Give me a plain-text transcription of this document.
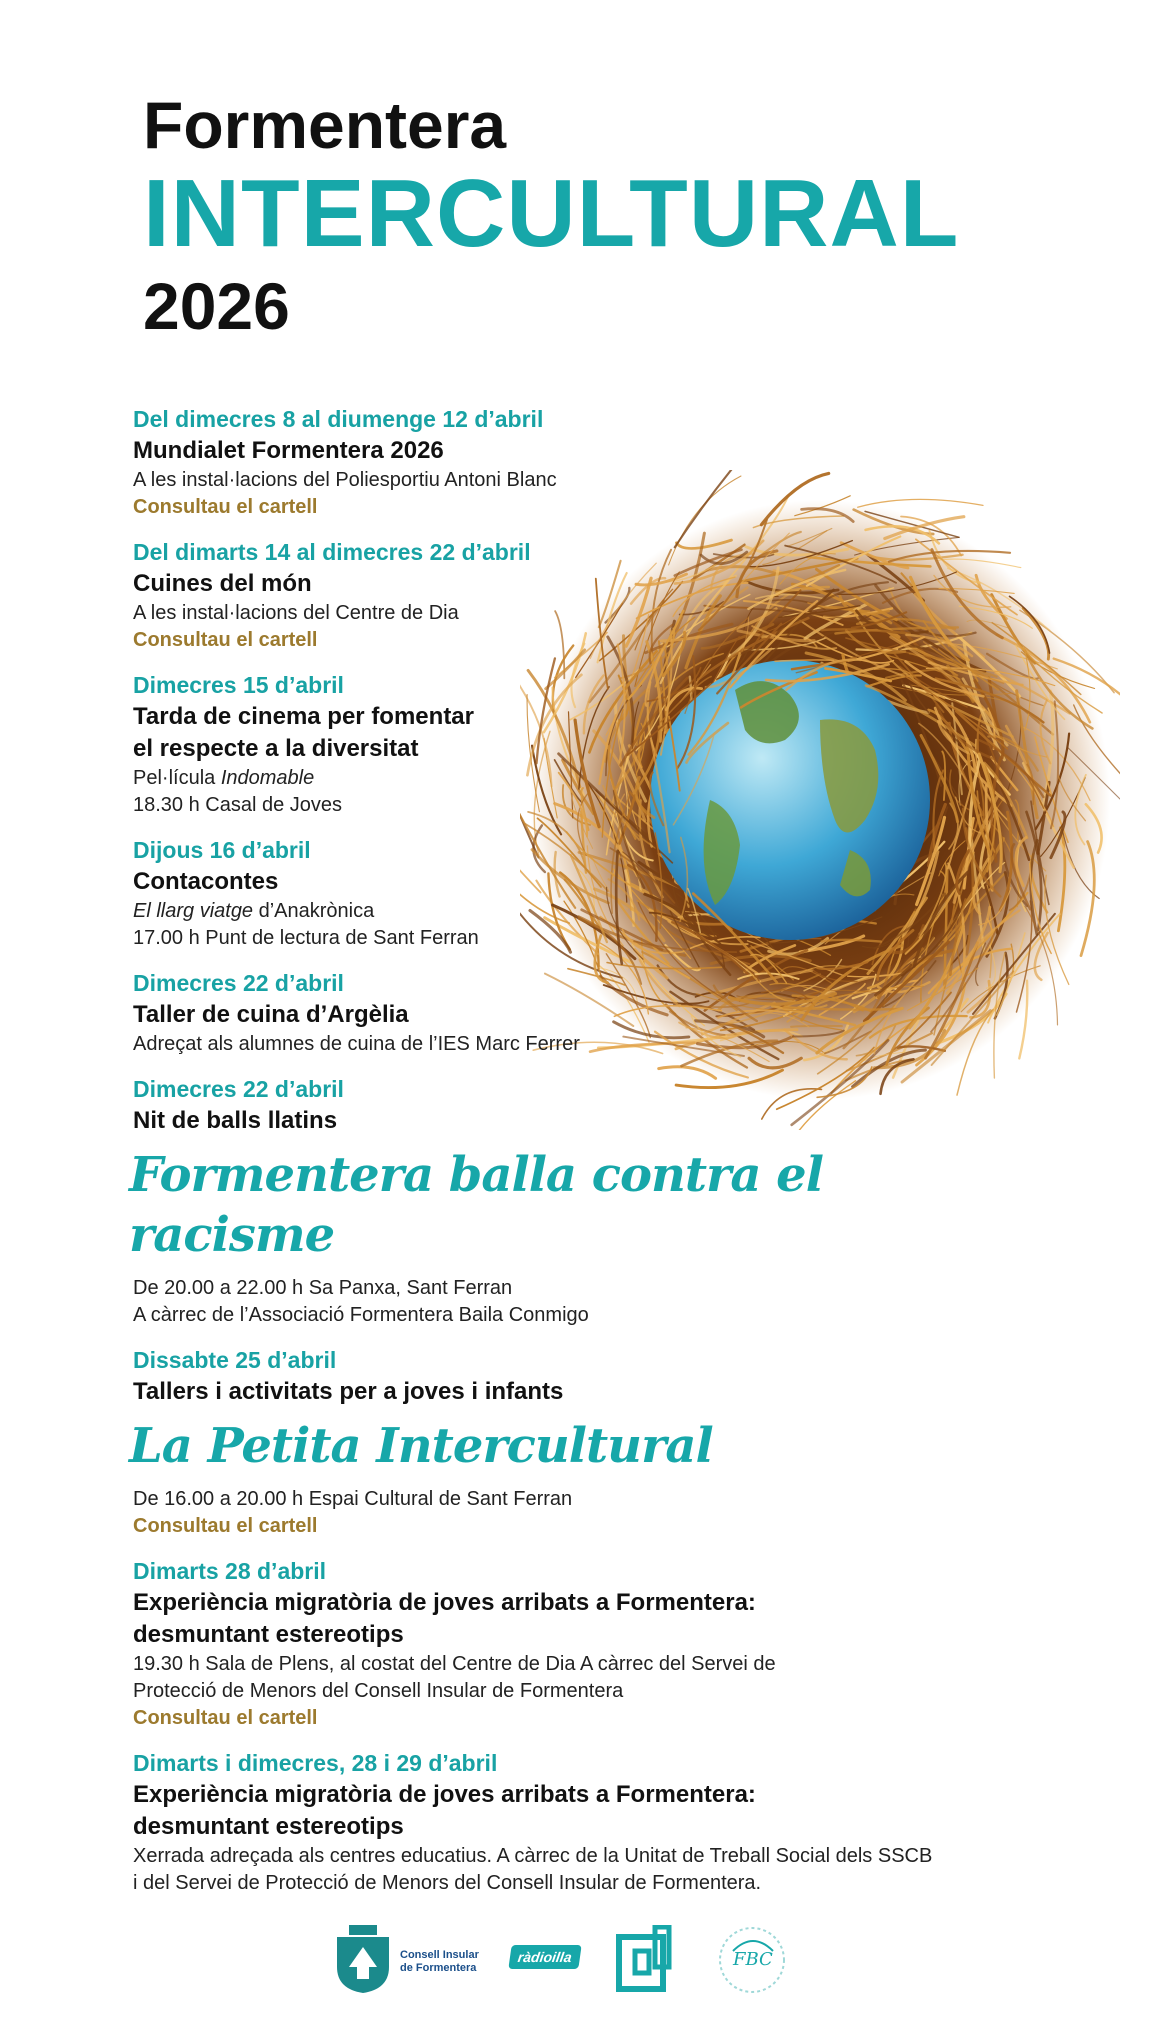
Formentera
INTERCULTURAL
2026
Del dimecres 8 al diumenge 12 d’abril
Mundialet Formentera 2026
A les instal·lacions del Poliesportiu Antoni Blanc
Consultau el cartell
Del dimarts 14 al dimecres 22 d’abril
Cuines del món
A les instal·lacions del Centre de Dia
Consultau el cartell
Dimecres 15 d’abril
Tarda de cinema per fomentar
el respecte a la diversitat
Pel·lícula Indomable
18.30 h Casal de Joves
Dijous 16 d’abril
Contacontes
El llarg viatge d’Anakrònica
17.00 h Punt de lectura de Sant Ferran
Dimecres 22 d’abril
Taller de cuina d’Argèlia
Adreçat als alumnes de cuina de l’IES Marc Ferrer
Dimecres 22 d’abril
Nit de balls llatins
Formentera balla contra el racisme
De 20.00 a 22.00 h Sa Panxa, Sant Ferran
A càrrec de l’Associació Formentera Baila Conmigo
Dissabte 25 d’abril
Tallers i activitats per a joves i infants
La Petita Intercultural
De 16.00 a 20.00 h Espai Cultural de Sant Ferran
Consultau el cartell
Dimarts 28 d’abril
Experiència migratòria de joves arribats a Formentera:
desmuntant estereotips
19.30 h Sala de Plens, al costat del Centre de Dia A càrrec del Servei de
Protecció de Menors del Consell Insular de Formentera
Consultau el cartell
Dimarts i dimecres, 28 i 29 d’abril
Experiència migratòria de joves arribats a Formentera:
desmuntant estereotips
Xerrada adreçada als centres educatius. A càrrec de la Unitat de Treball Social dels SSCB
i del Servei de Protecció de Menors del Consell Insular de Formentera.
Consell Insular
de Formentera
ràdioilla	FBC
